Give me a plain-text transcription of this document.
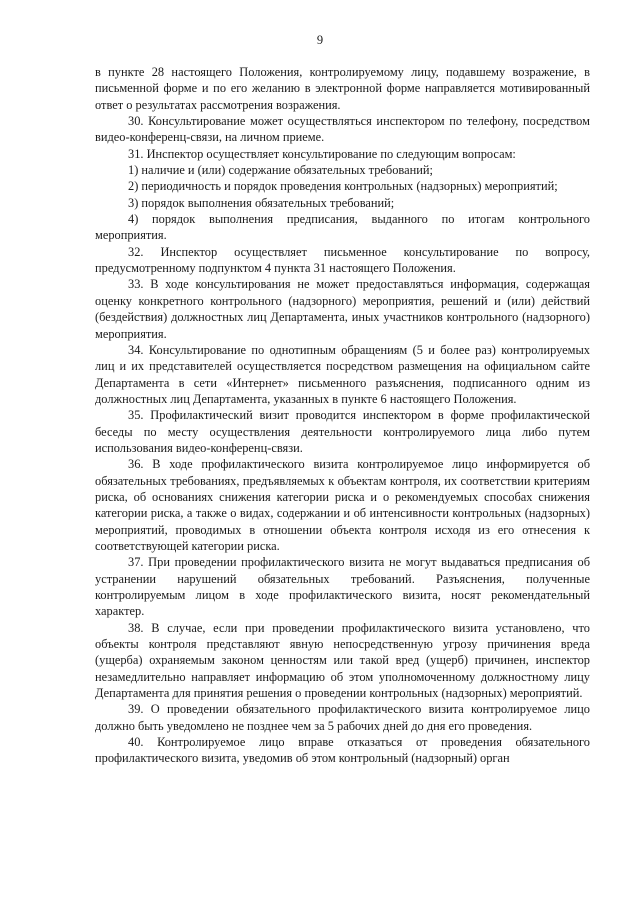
9

в пункте 28 настоящего Положения, контролируемому лицу, подавшему возражение, в письменной форме и по его желанию в электронной форме направляется мотивированный ответ о результатах рассмотрения возражения.

30. Консультирование может осуществляться инспектором по телефону, посредством видео-конференц-связи, на личном приеме.

31. Инспектор осуществляет консультирование по следующим вопросам:

1) наличие и (или) содержание обязательных требований;

2) периодичность и порядок проведения контрольных (надзорных) мероприятий;

3) порядок выполнения обязательных требований;

4) порядок выполнения предписания, выданного по итогам контрольного мероприятия.

32. Инспектор осуществляет письменное консультирование по вопросу, предусмотренному подпунктом 4 пункта 31 настоящего Положения.

33. В ходе консультирования не может предоставляться информация, содержащая оценку конкретного контрольного (надзорного) мероприятия, решений и (или) действий (бездействия) должностных лиц Департамента, иных участников контрольного (надзорного) мероприятия.

34. Консультирование по однотипным обращениям (5 и более раз) контролируемых лиц и их представителей осуществляется посредством размещения на официальном сайте Департамента в сети «Интернет» письменного разъяснения, подписанного одним из должностных лиц Департамента, указанных в пункте 6 настоящего Положения.

35. Профилактический визит проводится инспектором в форме профилактической беседы по месту осуществления деятельности контролируемого лица либо путем использования видео-конференц-связи.

36. В ходе профилактического визита контролируемое лицо информируется об обязательных требованиях, предъявляемых к объектам контроля, их соответствии критериям риска, об основаниях снижения категории риска и о рекомендуемых способах снижения категории риска, а также о видах, содержании и об интенсивности контрольных (надзорных) мероприятий, проводимых в отношении объекта контроля исходя из его отнесения к соответствующей категории риска.

37. При проведении профилактического визита не могут выдаваться предписания об устранении нарушений обязательных требований. Разъяснения, полученные контролируемым лицом в ходе профилактического визита, носят рекомендательный характер.

38. В случае, если при проведении профилактического визита установлено, что объекты контроля представляют явную непосредственную угрозу причинения вреда (ущерба) охраняемым законом ценностям или такой вред (ущерб) причинен, инспектор незамедлительно направляет информацию об этом уполномоченному должностному лицу Департамента для принятия решения о проведении контрольных (надзорных) мероприятий.

39. О проведении обязательного профилактического визита контролируемое лицо должно быть уведомлено не позднее чем за 5 рабочих дней до дня его проведения.

40. Контролируемое лицо вправе отказаться от проведения обязательного профилактического визита, уведомив об этом контрольный (надзорный) орган
